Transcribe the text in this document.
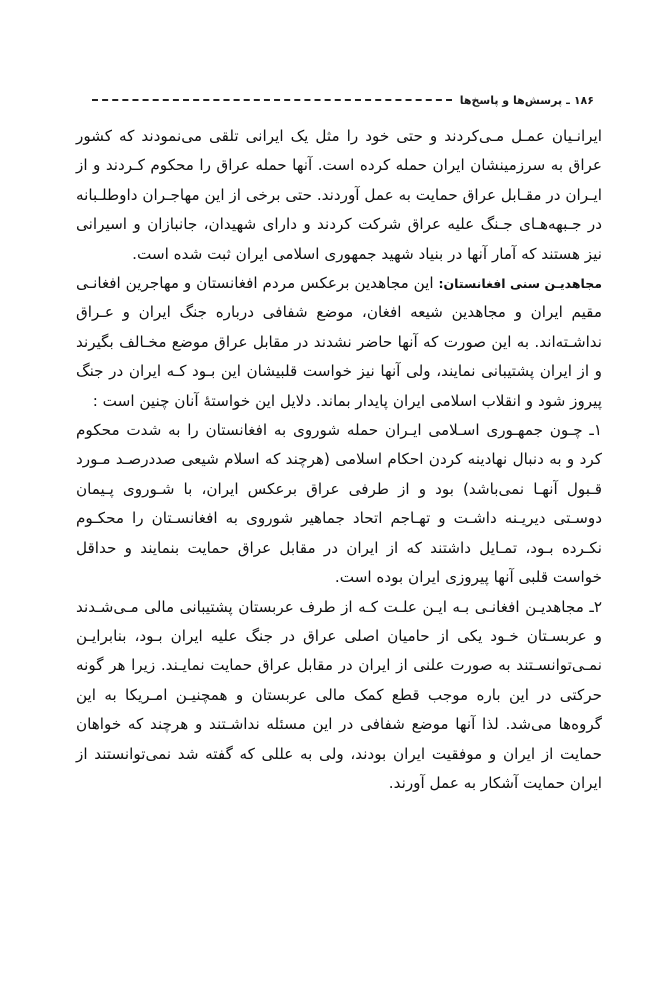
۱۸۶
ـ
پرسش‌ها و پاسخ‌ها

ایرانـیان عمـل مـی‌کردند و حتی خود را مثل یک ایرانی تلقی می‌نمودند که کشور عراق به سرزمینشان ایران حمله کرده است. آنها حمله عراق را محکوم کـردند و از ایـران در مقـابل عراق حمایت به عمل آوردند. حتی برخی از این مهاجـران داوطلـبانه در جـبهه‌هـای جـنگ علیه عراق شرکت کردند و دارای شهیدان، جانبازان و اسیرانی نیز هستند که آمار آنها در بنیاد شهید جمهوری اسلامی ایران ثبت شده است.

مجاهدیـن سنی افغانستان: این مجاهدین برعکس مردم افغانستان و مهاجرین افغانـی مقیم ایران و مجاهدین شیعه افغان، موضع شفافی درباره جنگ ایران و عـراق نداشـته‌اند. به این صورت که آنها حاضر نشدند در مقابل عراق موضع مخـالف بگیرند و از ایران پشتیبانی نمایند، ولی آنها نیز خواست قلبیشان این بـود کـه ایران در جنگ پیروز شود و انقلاب اسلامی ایران پایدار بماند. دلایل این خواستهٔ آنان چنین است :

۱ـ چـون جمهـوری اسـلامی ایـران حمله شوروی به افغانستان را به شدت محکوم کرد و به دنبال نهادینه کردن احکام اسلامی (هرچند که اسلام شیعی صددرصـد مـورد قـبول آنهـا نمی‌باشد) بود و از طرفی عراق برعکس ایران، با شـوروی پـیمان دوسـتی دیریـنه داشـت و تهـاجم اتحاد جماهیر شوروی به افغانسـتان را محکـوم نکـرده بـود، تمـایل داشتند که از ایران در مقابل عراق حمایت بنمایند و حداقل خواست قلبی آنها پیروزی ایران بوده است.

۲ـ مجاهدیـن افغانـی بـه ایـن علـت کـه از طرف عربستان پشتیبانی مالی مـی‌شـدند و عربسـتان خـود یکی از حامیان اصلی عراق در جنگ علیه ایران بـود، بنابرایـن نمـی‌توانسـتند به صورت علنی از ایران در مقابل عراق حمایت نمایـند. زیرا هر گونه حرکتی در این باره موجب قطع کمک مالی عربستان و همچنیـن امـریکا به این گروه‌ها می‌شد. لذا آنها موضع شفافی در این مسئله نداشـتند و هرچند که خواهان حمایت از ایران و موفقیت ایران بودند، ولی به عللی که گفته شد نمی‌توانستند از ایران حمایت آشکار به عمل آورند.
